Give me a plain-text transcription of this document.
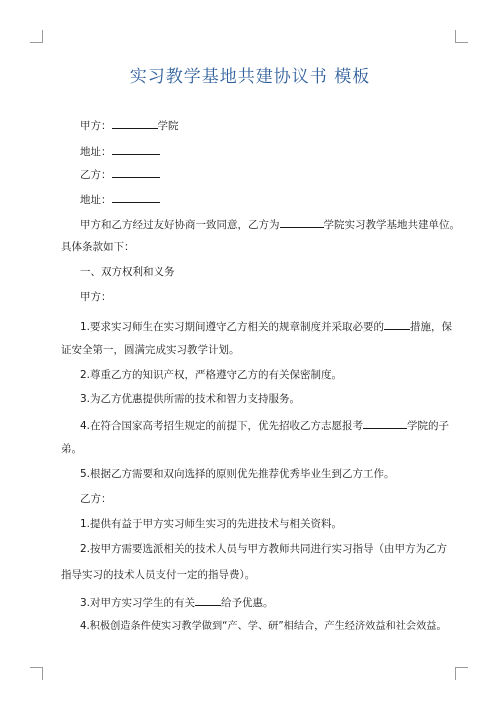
实习教学基地共建协议书 模板
甲方：	学院
地址：
乙方：
地址：
甲方和乙方经过友好协商一致同意，乙方为	学院实习教学基地共建单位。
具体条款如下：
一、双方权利和义务
甲方：
1.要求实习师生在实习期间遵守乙方相关的规章制度并采取必要的 措施，保
证安全第一，圆满完成实习教学计划。
2.尊重乙方的知识产权，严格遵守乙方的有关保密制度。
3.为乙方优惠提供所需的技术和智力支持服务。
4.在符合国家高考招生规定的前提下，优先招收乙方志愿报考	学院的子
弟。
5.根据乙方需要和双向选择的原则优先推荐优秀毕业生到乙方工作。
乙方：
1.提供有益于甲方实习师生实习的先进技术与相关资料。
2.按甲方需要选派相关的技术人员与甲方教师共同进行实习指导（由甲方为乙方
指导实习的技术人员支付一定的指导费）。
3.对甲方实习学生的有关 给予优惠。
4.积极创造条件使实习教学做到“产、学、研”相结合，产生经济效益和社会效益。
